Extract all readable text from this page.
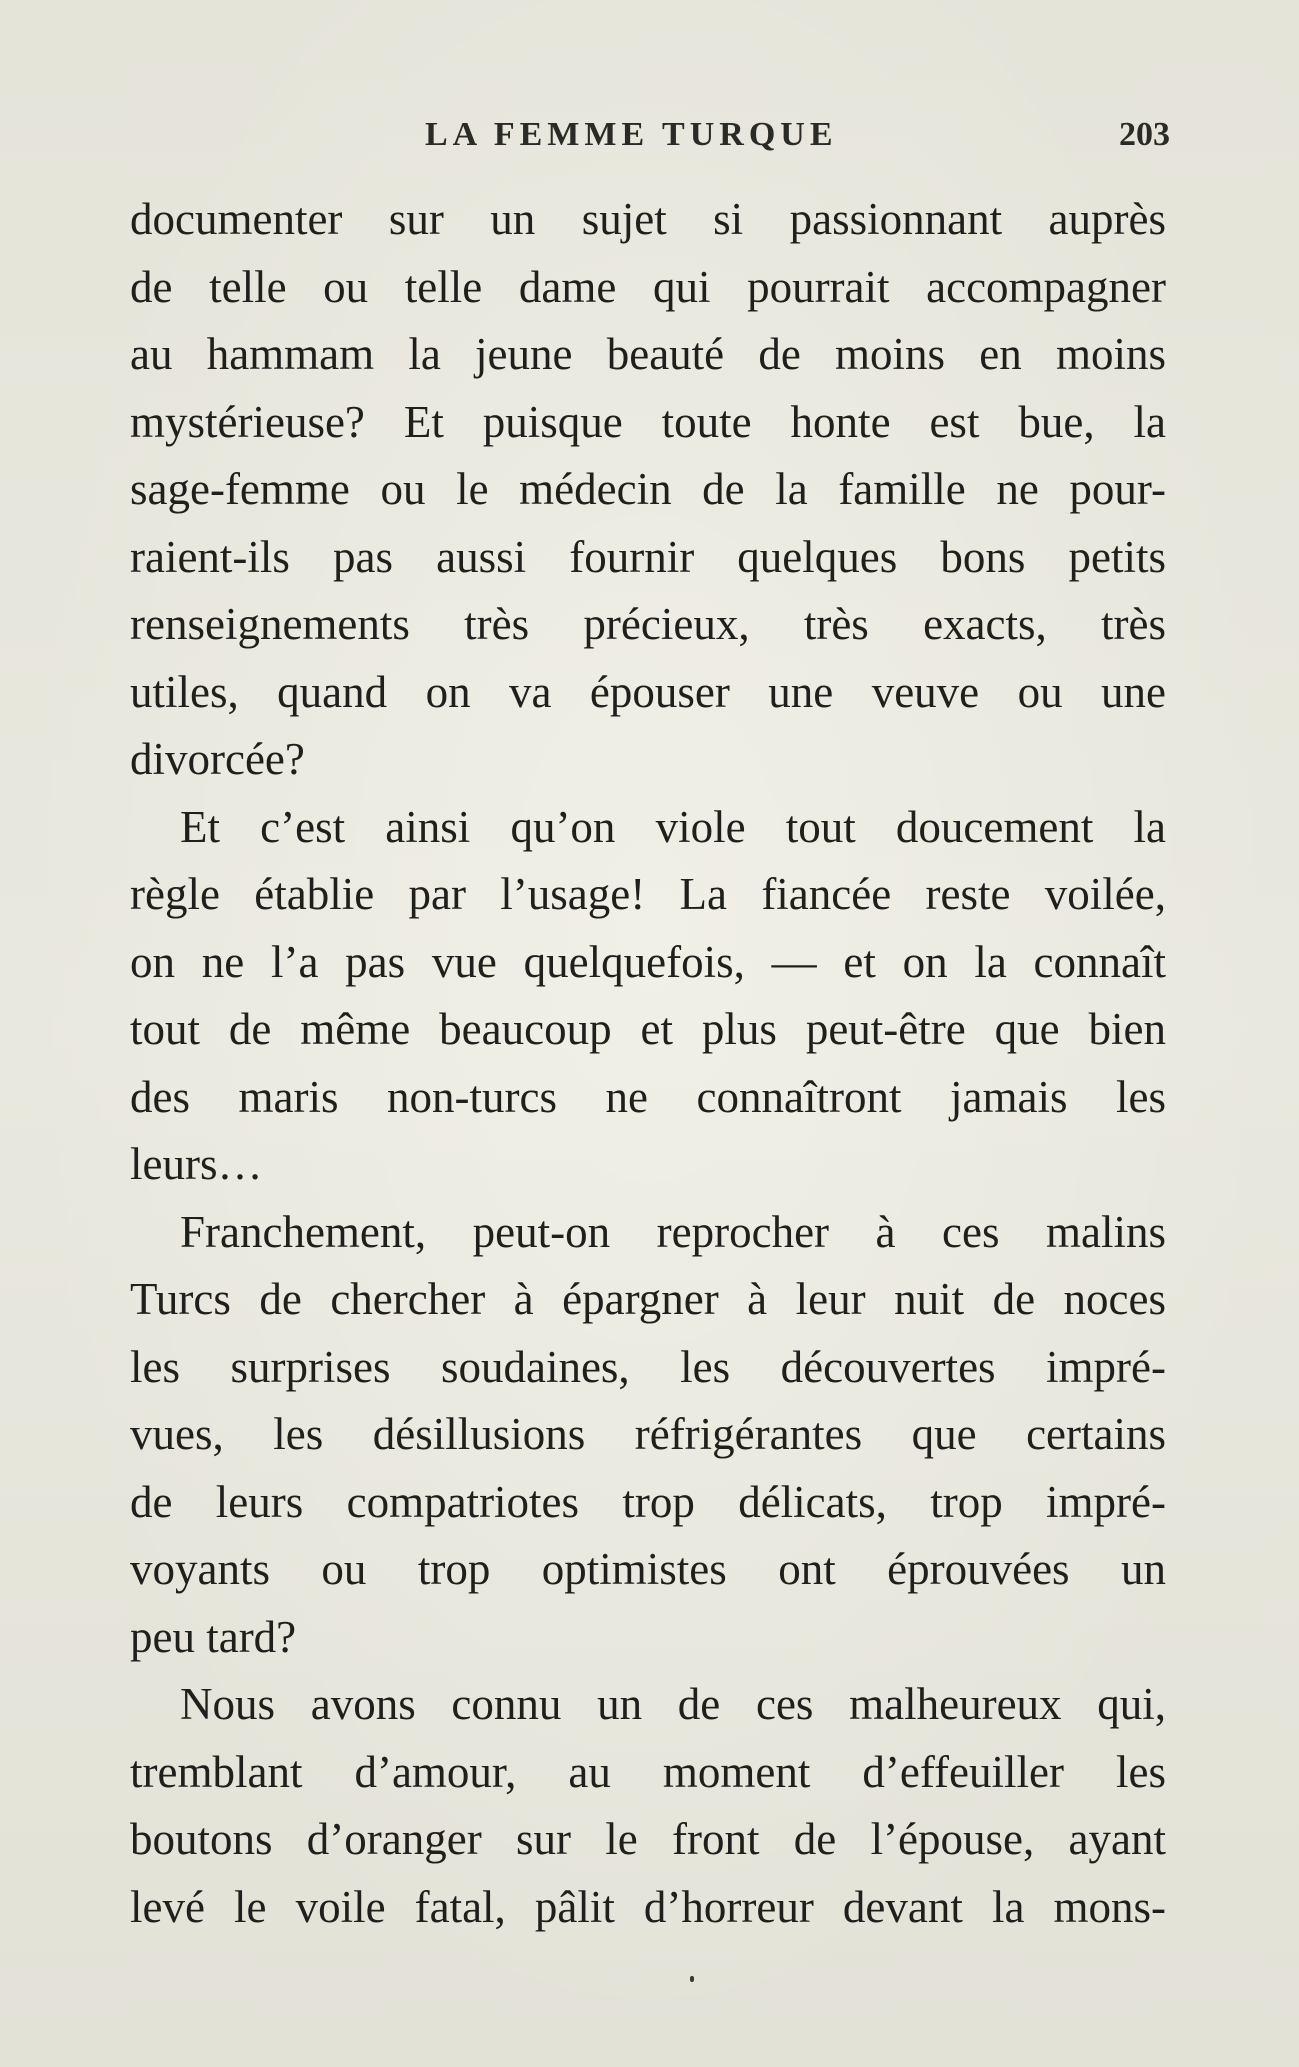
LA FEMME TURQUE	203
documenter sur un sujet si passionnant auprès
de telle ou telle dame qui pourrait accompagner
au hammam la jeune beauté de moins en moins
mystérieuse? Et puisque toute honte est bue, la
sage-femme ou le médecin de la famille ne pour-
raient-ils pas aussi fournir quelques bons petits
renseignements très précieux, très exacts, très
utiles, quand on va épouser une veuve ou une
divorcée?
Et c’est ainsi qu’on viole tout doucement la
règle établie par l’usage! La fiancée reste voilée,
on ne l’a pas vue quelquefois, — et on la connaît
tout de même beaucoup et plus peut-être que bien
des maris non-turcs ne connaîtront jamais les
leurs…
Franchement, peut-on reprocher à ces malins
Turcs de chercher à épargner à leur nuit de noces
les surprises soudaines, les découvertes impré-
vues, les désillusions réfrigérantes que certains
de leurs compatriotes trop délicats, trop impré-
voyants ou trop optimistes ont éprouvées un
peu tard?
Nous avons connu un de ces malheureux qui,
tremblant d’amour, au moment d’effeuiller les
boutons d’oranger sur le front de l’épouse, ayant
levé le voile fatal, pâlit d’horreur devant la mons-
